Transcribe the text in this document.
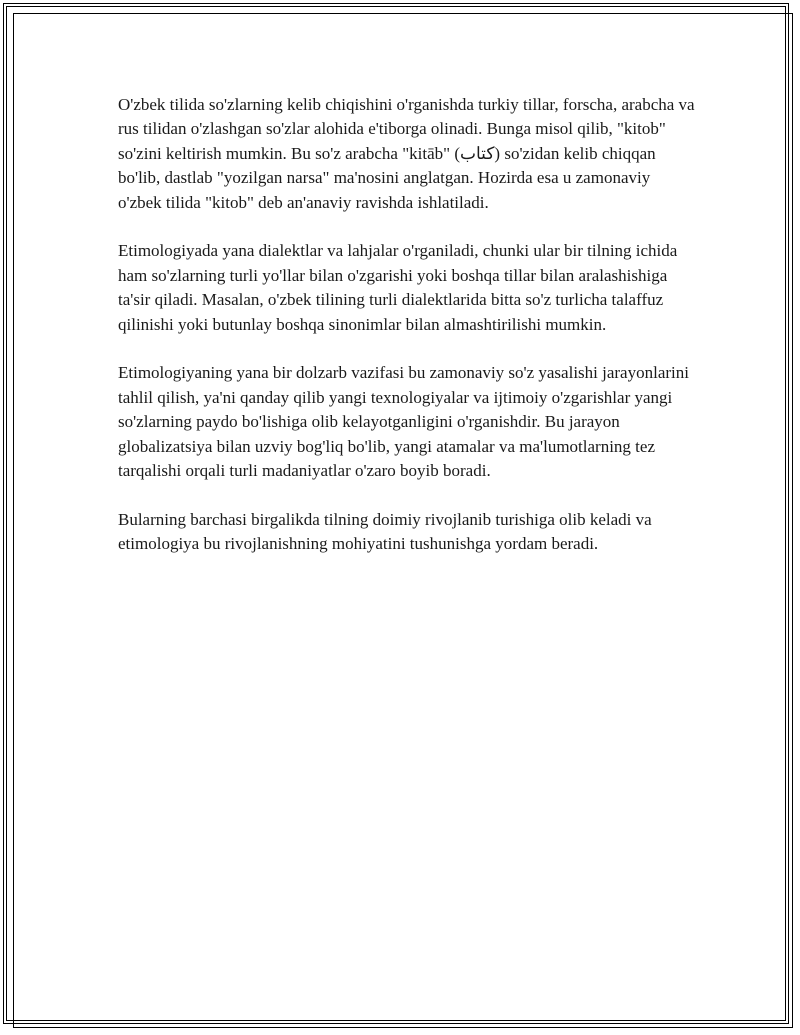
O'zbek tilida so'zlarning kelib chiqishini o'rganishda turkiy tillar, forscha, arabcha va rus tilidan o'zlashgan so'zlar alohida e'tiborga olinadi. Bunga misol qilib, "kitob" so'zini keltirish mumkin. Bu so'z arabcha "kitāb" (كتاب) so'zidan kelib chiqqan bo'lib, dastlab "yozilgan narsa" ma'nosini anglatgan. Hozirda esa u zamonaviy o'zbek tilida "kitob" deb an'anaviy ravishda ishlatiladi.

Etimologiyada yana dialektlar va lahjalar o'rganiladi, chunki ular bir tilning ichida ham so'zlarning turli yo'llar bilan o'zgarishi yoki boshqa tillar bilan aralashishiga ta'sir qiladi. Masalan, o'zbek tilining turli dialektlarida bitta so'z turlicha talaffuz qilinishi yoki butunlay boshqa sinonimlar bilan almashtirilishi mumkin.

Etimologiyaning yana bir dolzarb vazifasi bu zamonaviy so'z yasalishi jarayonlarini tahlil qilish, ya'ni qanday qilib yangi texnologiyalar va ijtimoiy o'zgarishlar yangi so'zlarning paydo bo'lishiga olib kelayotganligini o'rganishdir. Bu jarayon globalizatsiya bilan uzviy bog'liq bo'lib, yangi atamalar va ma'lumotlarning tez tarqalishi orqali turli madaniyatlar o'zaro boyib boradi.

Bularning barchasi birgalikda tilning doimiy rivojlanib turishiga olib keladi va etimologiya bu rivojlanishning mohiyatini tushunishga yordam beradi.
